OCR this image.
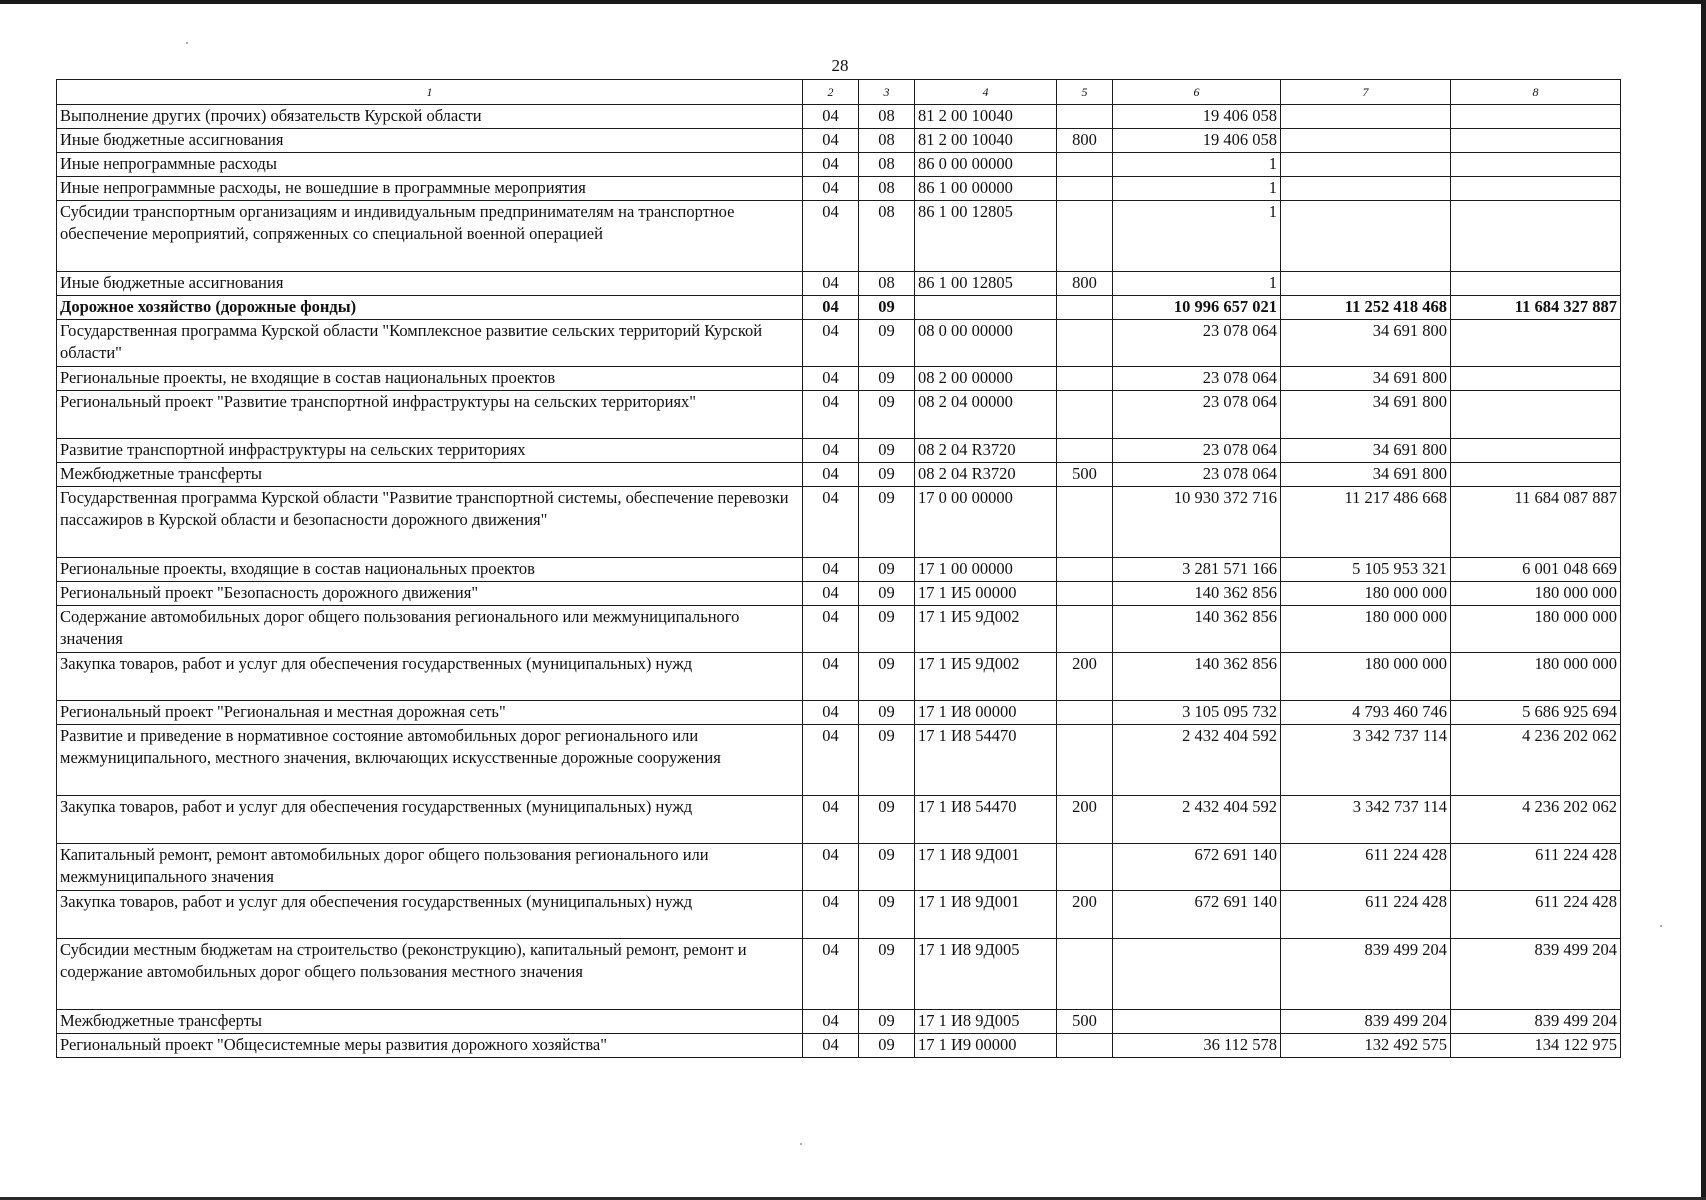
28
1	2	3	4	5	6	7	8
Выполнение других (прочих) обязательств Курской области	04	08	81 2 00 10040		19 406 058		
Иные бюджетные ассигнования	04	08	81 2 00 10040	800	19 406 058		
Иные непрограммные расходы	04	08	86 0 00 00000		1		
Иные непрограммные расходы, не вошедшие в программные мероприятия	04	08	86 1 00 00000		1		
Субсидии транспортным организациям и индивидуальным предпринимателям на транспортное обеспечение мероприятий, сопряженных со специальной военной операцией	04	08	86 1 00 12805		1		
Иные бюджетные ассигнования	04	08	86 1 00 12805	800	1		
Дорожное хозяйство (дорожные фонды)	04	09			10 996 657 021	11 252 418 468	11 684 327 887
Государственная программа Курской области "Комплексное развитие сельских территорий Курской области"	04	09	08 0 00 00000		23 078 064	34 691 800	
Региональные проекты, не входящие в состав национальных проектов	04	09	08 2 00 00000		23 078 064	34 691 800	
Региональный проект "Развитие транспортной инфраструктуры на сельских территориях"	04	09	08 2 04 00000		23 078 064	34 691 800	
Развитие транспортной инфраструктуры на сельских территориях	04	09	08 2 04 R3720		23 078 064	34 691 800	
Межбюджетные трансферты	04	09	08 2 04 R3720	500	23 078 064	34 691 800	
Государственная программа Курской области "Развитие транспортной системы, обеспечение перевозки пассажиров в Курской области и безопасности дорожного движения"	04	09	17 0 00 00000		10 930 372 716	11 217 486 668	11 684 087 887
Региональные проекты, входящие в состав национальных проектов	04	09	17 1 00 00000		3 281 571 166	5 105 953 321	6 001 048 669
Региональный проект "Безопасность дорожного движения"	04	09	17 1 И5 00000		140 362 856	180 000 000	180 000 000
Содержание автомобильных дорог общего пользования регионального или межмуниципального значения	04	09	17 1 И5 9Д002		140 362 856	180 000 000	180 000 000
Закупка товаров, работ и услуг для обеспечения государственных (муниципальных) нужд	04	09	17 1 И5 9Д002	200	140 362 856	180 000 000	180 000 000
Региональный проект "Региональная и местная дорожная сеть"	04	09	17 1 И8 00000		3 105 095 732	4 793 460 746	5 686 925 694
Развитие и приведение в нормативное состояние автомобильных дорог регионального или межмуниципального, местного значения, включающих искусственные дорожные сооружения	04	09	17 1 И8 54470		2 432 404 592	3 342 737 114	4 236 202 062
Закупка товаров, работ и услуг для обеспечения государственных (муниципальных) нужд	04	09	17 1 И8 54470	200	2 432 404 592	3 342 737 114	4 236 202 062
Капитальный ремонт, ремонт автомобильных дорог общего пользования регионального или межмуниципального значения	04	09	17 1 И8 9Д001		672 691 140	611 224 428	611 224 428
Закупка товаров, работ и услуг для обеспечения государственных (муниципальных) нужд	04	09	17 1 И8 9Д001	200	672 691 140	611 224 428	611 224 428
Субсидии местным бюджетам на строительство (реконструкцию), капитальный ремонт, ремонт и содержание автомобильных дорог общего пользования местного значения	04	09	17 1 И8 9Д005			839 499 204	839 499 204
Межбюджетные трансферты	04	09	17 1 И8 9Д005	500		839 499 204	839 499 204
Региональный проект "Общесистемные меры развития дорожного хозяйства"	04	09	17 1 И9 00000		36 112 578	132 492 575	134 122 975
